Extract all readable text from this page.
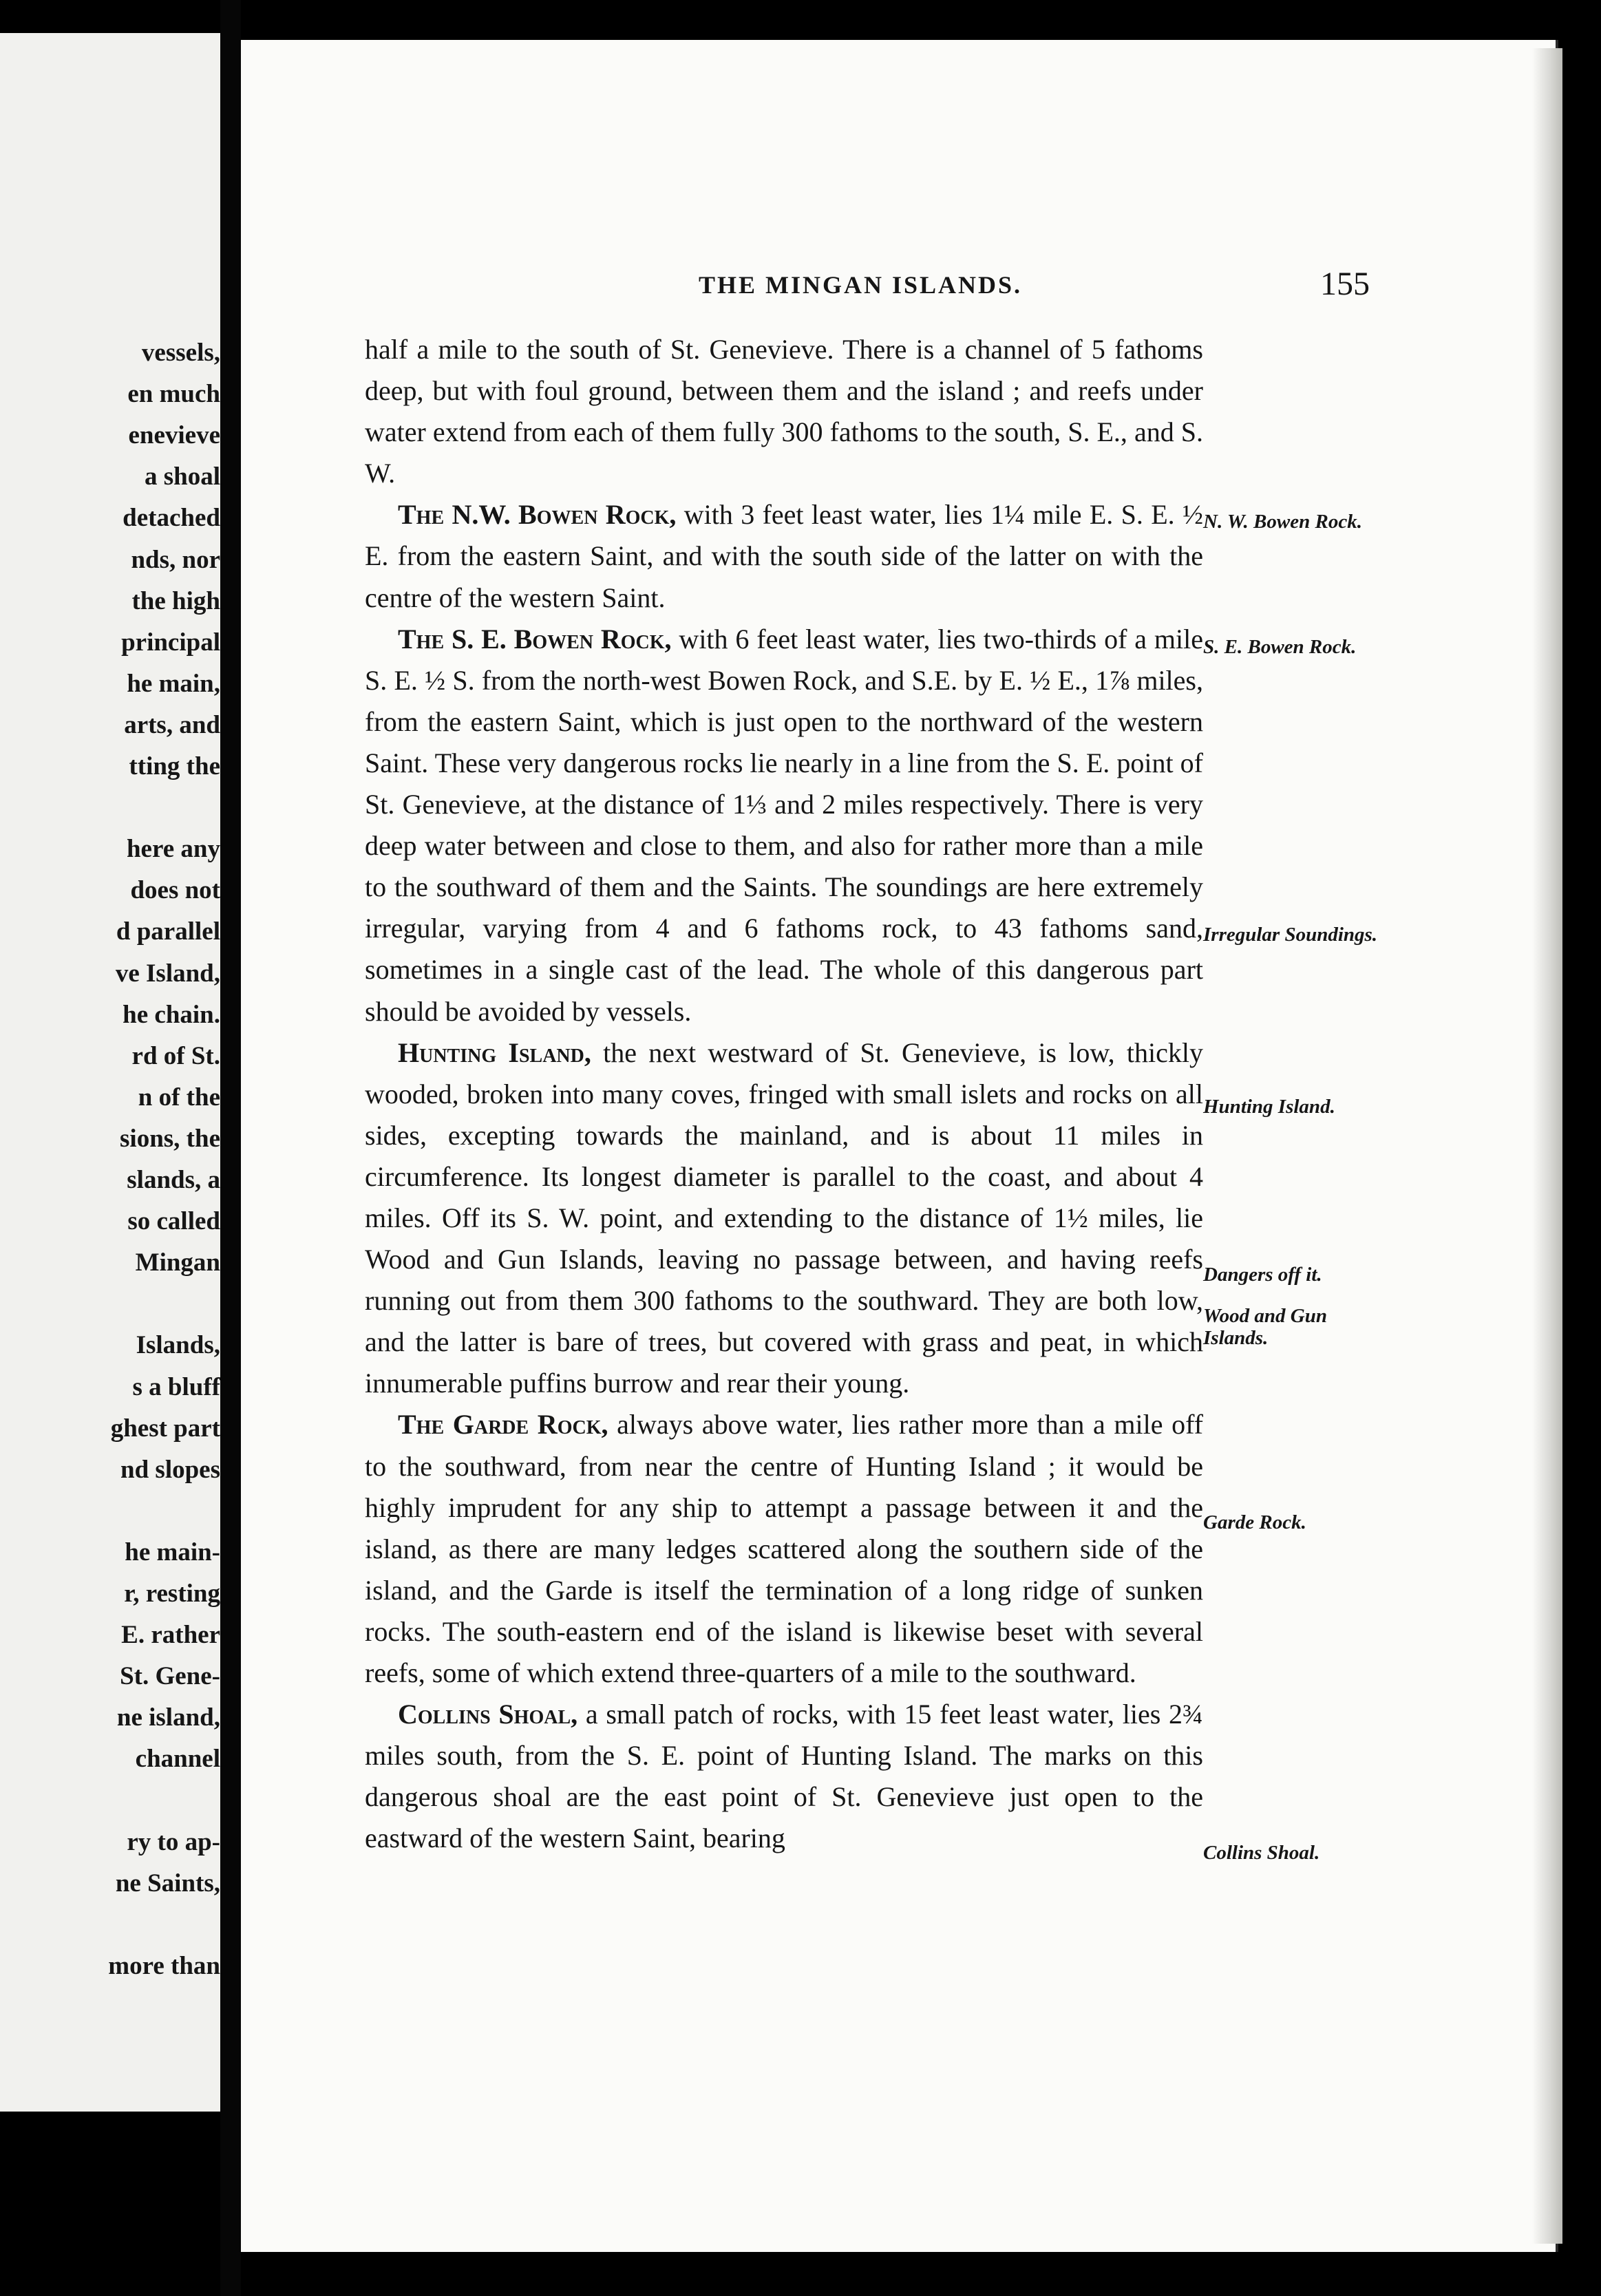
vessels,
en much
enevieve
a shoal
detached
nds, nor
the high
principal
he main,
arts, and
tting the
here any
does not
d parallel
ve Island,
he chain.
rd of St.
n of the
sions, the
slands, a
so called
Mingan
Islands,
s a bluff
ghest part
nd slopes
he main-
r, resting
E. rather
St. Gene-
ne island,
channel
ry to ap-
ne Saints,
more than
THE MINGAN ISLANDS.	155

half a mile to the south of St. Genevieve. There is a channel of 5 fathoms deep, but with foul ground, between them and the island ; and reefs under water extend from each of them fully 300 fathoms to the south, S. E., and S. W.

The N.W. Bowen Rock, with 3 feet least water, lies 1¼ mile E. S. E. ½ E. from the eastern Saint, and with the south side of the latter on with the centre of the western Saint.

The S. E. Bowen Rock, with 6 feet least water, lies two-thirds of a mile S. E. ½ S. from the north-west Bowen Rock, and S.E. by E. ½ E., 1⅞ miles, from the eastern Saint, which is just open to the northward of the western Saint. These very dangerous rocks lie nearly in a line from the S. E. point of St. Genevieve, at the distance of 1⅓ and 2 miles respectively. There is very deep water between and close to them, and also for rather more than a mile to the southward of them and the Saints. The soundings are here extremely irregular, varying from 4 and 6 fathoms rock, to 43 fathoms sand, sometimes in a single cast of the lead. The whole of this dangerous part should be avoided by vessels.

Hunting Island, the next westward of St. Genevieve, is low, thickly wooded, broken into many coves, fringed with small islets and rocks on all sides, excepting towards the mainland, and is about 11 miles in circumference. Its longest diameter is parallel to the coast, and about 4 miles. Off its S. W. point, and extending to the distance of 1½ miles, lie Wood and Gun Islands, leaving no passage between, and having reefs running out from them 300 fathoms to the southward. They are both low, and the latter is bare of trees, but covered with grass and peat, in which innumerable puffins burrow and rear their young.

The Garde Rock, always above water, lies rather more than a mile off to the southward, from near the centre of Hunting Island ; it would be highly imprudent for any ship to attempt a passage between it and the island, as there are many ledges scattered along the southern side of the island, and the Garde is itself the termination of a long ridge of sunken rocks. The south-eastern end of the island is likewise beset with several reefs, some of which extend three-quarters of a mile to the southward.

Collins Shoal, a small patch of rocks, with 15 feet least water, lies 2¾ miles south, from the S. E. point of Hunting Island. The marks on this dangerous shoal are the east point of St. Genevieve just open to the eastward of the western Saint, bearing

N. W. Bowen Rock.
S. E. Bowen Rock.
Irregular Soundings.
Hunting Island.
Dangers off it.
Wood and Gun Islands.
Garde Rock.
Collins Shoal.
